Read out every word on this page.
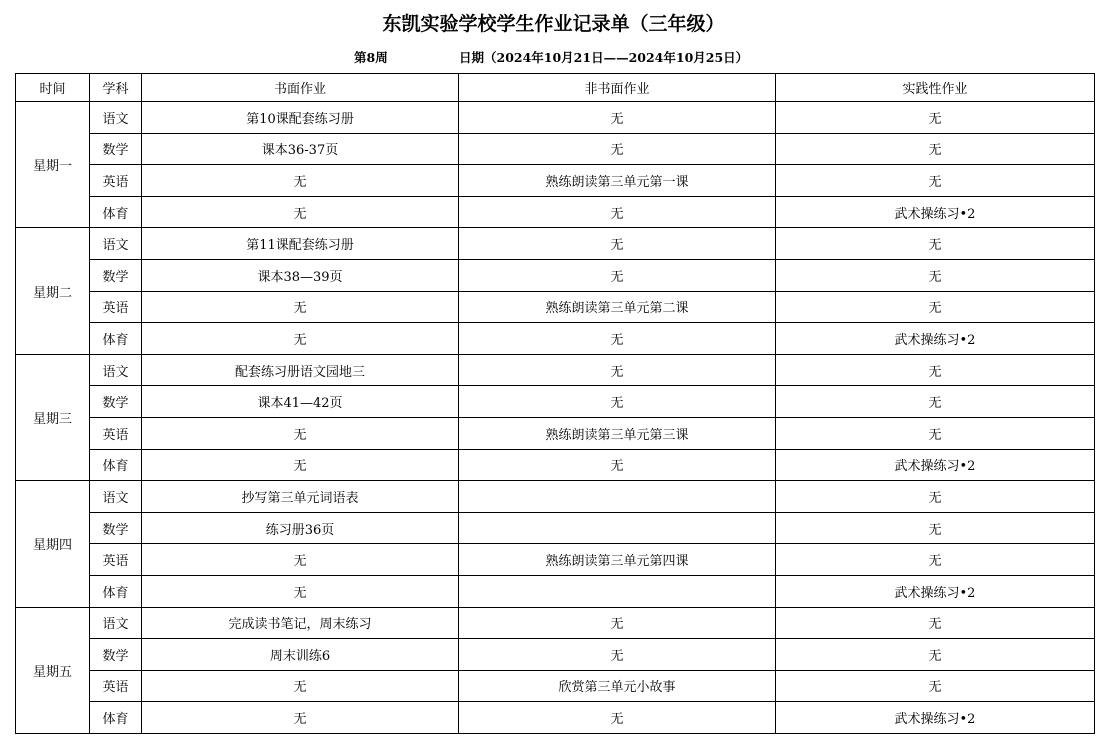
东凯实验学校学生作业记录单（三年级）
第8周	日期（2024年10月21日——2024年10月25日）
时间	学科	书面作业	非书面作业	实践性作业
星期一	语文	第10课配套练习册	无	无
	数学	课本36-37页	无	无
	英语	无	熟练朗读第三单元第一课	无
	体育	无	无	武术操练习•2
星期二	语文	第11课配套练习册	无	无
	数学	课本38—39页	无	无
	英语	无	熟练朗读第三单元第二课	无
	体育	无	无	武术操练习•2
星期三	语文	配套练习册语文园地三	无	无
	数学	课本41—42页	无	无
	英语	无	熟练朗读第三单元第三课	无
	体育	无	无	武术操练习•2
星期四	语文	抄写第三单元词语表		无
	数学	练习册36页		无
	英语	无	熟练朗读第三单元第四课	无
	体育	无		武术操练习•2
星期五	语文	完成读书笔记，周末练习	无	无
	数学	周末训练6	无	无
	英语	无	欣赏第三单元小故事	无
	体育	无	无	武术操练习•2
